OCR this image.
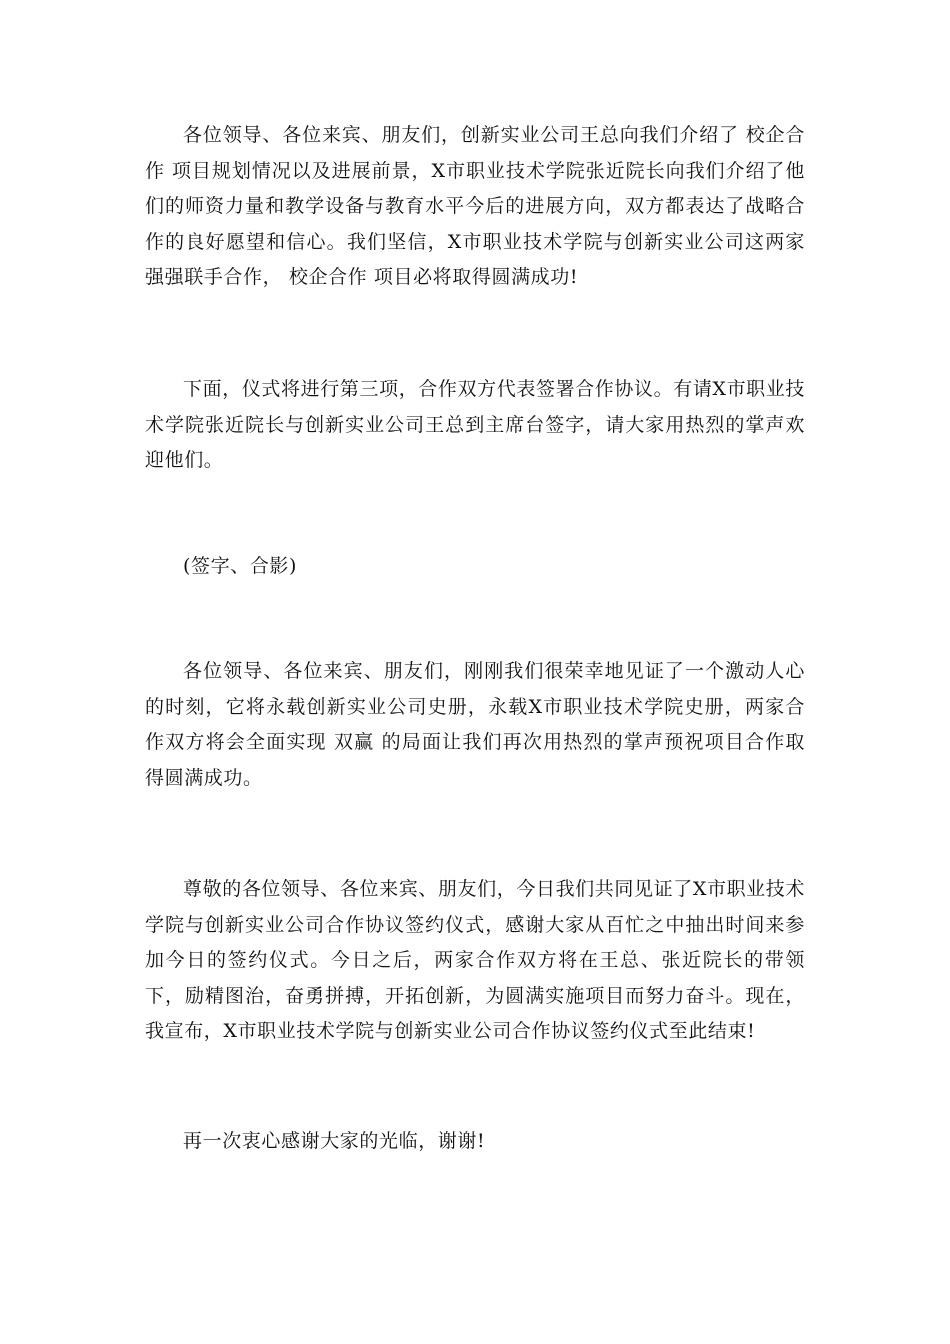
各位领导、各位来宾、朋友们，创新实业公司王总向我们介绍了 校企合作 项目规划情况以及进展前景，X市职业技术学院张近院长向我们介绍了他们的师资力量和教学设备与教育水平今后的进展方向，双方都表达了战略合作的良好愿望和信心。我们坚信，X市职业技术学院与创新实业公司这两家强强联手合作， 校企合作 项目必将取得圆满成功!

下面，仪式将进行第三项，合作双方代表签署合作协议。有请X市职业技术学院张近院长与创新实业公司王总到主席台签字，请大家用热烈的掌声欢迎他们。

(签字、合影)

各位领导、各位来宾、朋友们，刚刚我们很荣幸地见证了一个激动人心的时刻，它将永载创新实业公司史册，永载X市职业技术学院史册，两家合作双方将会全面实现 双赢 的局面让我们再次用热烈的掌声预祝项目合作取得圆满成功。

尊敬的各位领导、各位来宾、朋友们，今日我们共同见证了X市职业技术学院与创新实业公司合作协议签约仪式，感谢大家从百忙之中抽出时间来参加今日的签约仪式。今日之后，两家合作双方将在王总、张近院长的带领下，励精图治，奋勇拼搏，开拓创新，为圆满实施项目而努力奋斗。现在， 我宣布，X市职业技术学院与创新实业公司合作协议签约仪式至此结束!

再一次衷心感谢大家的光临，谢谢!
